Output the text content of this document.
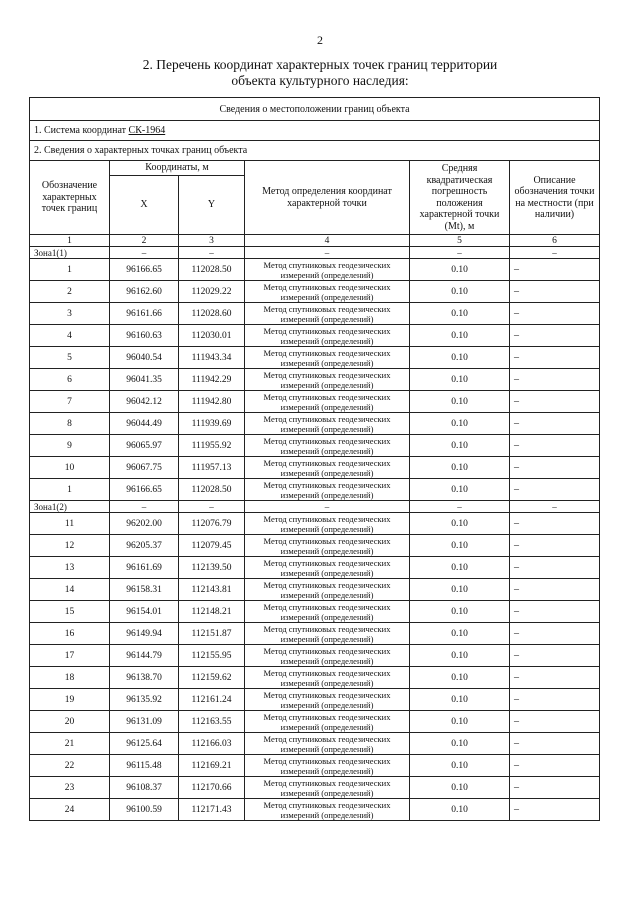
2
2. Перечень координат характерных точек границ территории
объекта культурного наследия:
Сведения о местоположении границ объекта					
1. Система координат СК-1964					
2. Сведения о характерных точках границ объекта					
Обозначение характерных точек границ	Координаты, м		Метод определения координат характерной точки	Средняя квадратическая погрешность положения характерной точки (Mt), м	Описание обозначения точки на местности (при наличии)
	X	Y			
1	2	3	4	5	6
Зона1(1)	–	–	–	–	–
1	96166.65	112028.50	Метод спутниковых геодезических измерений (определений)	0.10	–
2	96162.60	112029.22	Метод спутниковых геодезических измерений (определений)	0.10	–
3	96161.66	112028.60	Метод спутниковых геодезических измерений (определений)	0.10	–
4	96160.63	112030.01	Метод спутниковых геодезических измерений (определений)	0.10	–
5	96040.54	111943.34	Метод спутниковых геодезических измерений (определений)	0.10	–
6	96041.35	111942.29	Метод спутниковых геодезических измерений (определений)	0.10	–
7	96042.12	111942.80	Метод спутниковых геодезических измерений (определений)	0.10	–
8	96044.49	111939.69	Метод спутниковых геодезических измерений (определений)	0.10	–
9	96065.97	111955.92	Метод спутниковых геодезических измерений (определений)	0.10	–
10	96067.75	111957.13	Метод спутниковых геодезических измерений (определений)	0.10	–
1	96166.65	112028.50	Метод спутниковых геодезических измерений (определений)	0.10	–
Зона1(2)	–	–	–	–	–
11	96202.00	112076.79	Метод спутниковых геодезических измерений (определений)	0.10	–
12	96205.37	112079.45	Метод спутниковых геодезических измерений (определений)	0.10	–
13	96161.69	112139.50	Метод спутниковых геодезических измерений (определений)	0.10	–
14	96158.31	112143.81	Метод спутниковых геодезических измерений (определений)	0.10	–
15	96154.01	112148.21	Метод спутниковых геодезических измерений (определений)	0.10	–
16	96149.94	112151.87	Метод спутниковых геодезических измерений (определений)	0.10	–
17	96144.79	112155.95	Метод спутниковых геодезических измерений (определений)	0.10	–
18	96138.70	112159.62	Метод спутниковых геодезических измерений (определений)	0.10	–
19	96135.92	112161.24	Метод спутниковых геодезических измерений (определений)	0.10	–
20	96131.09	112163.55	Метод спутниковых геодезических измерений (определений)	0.10	–
21	96125.64	112166.03	Метод спутниковых геодезических измерений (определений)	0.10	–
22	96115.48	112169.21	Метод спутниковых геодезических измерений (определений)	0.10	–
23	96108.37	112170.66	Метод спутниковых геодезических измерений (определений)	0.10	–
24	96100.59	112171.43	Метод спутниковых геодезических измерений (определений)	0.10	–
